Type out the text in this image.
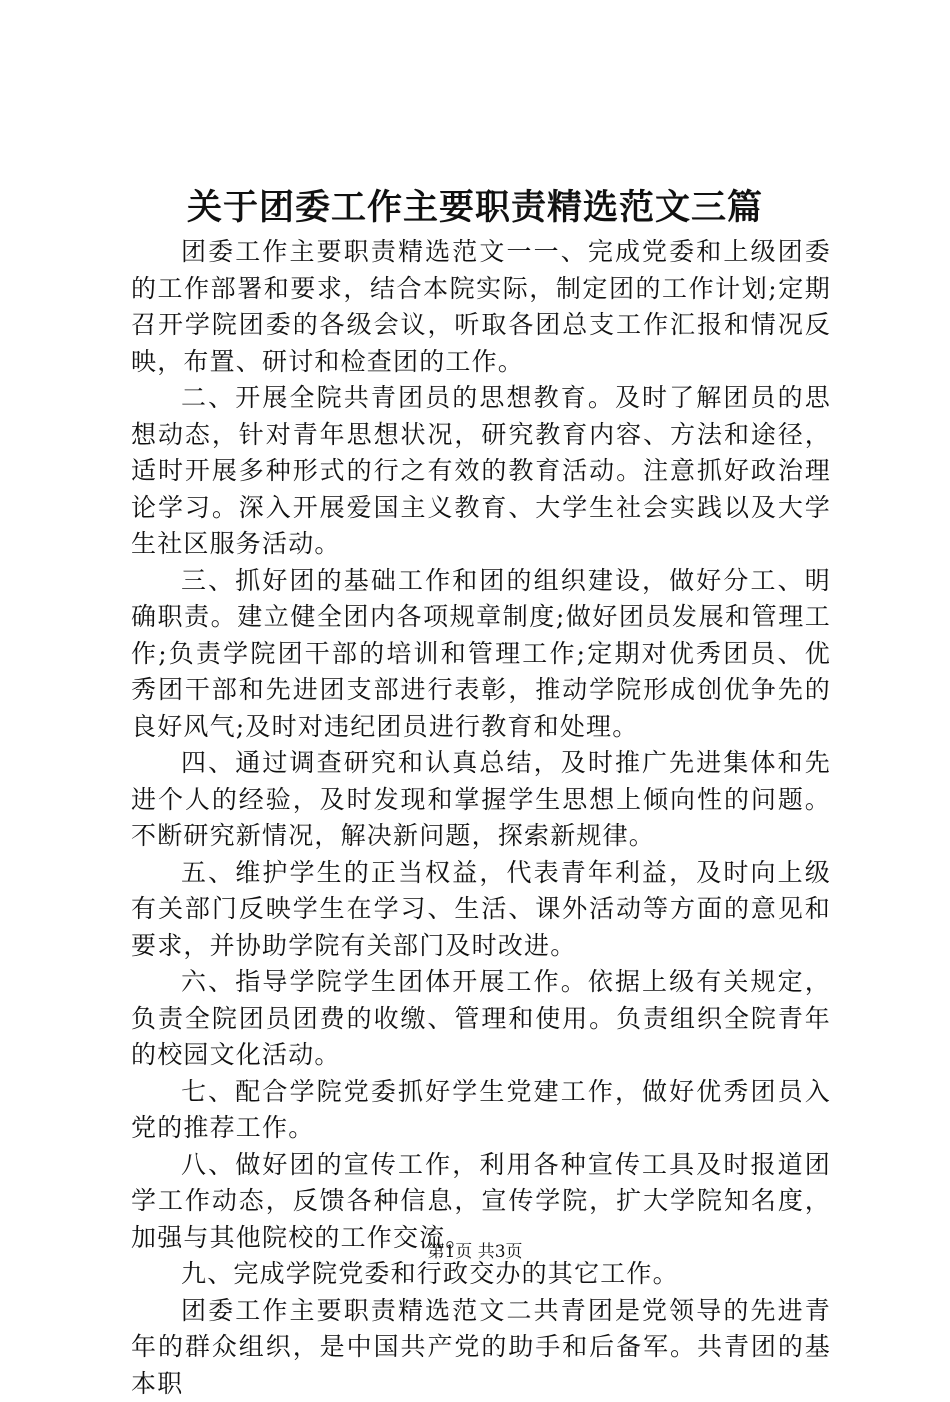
关于团委工作主要职责精选范文三篇

团委工作主要职责精选范文一一、完成党委和上级团委的工作部署和要求，结合本院实际，制定团的工作计划;定期召开学院团委的各级会议，听取各团总支工作汇报和情况反映，布置、研讨和检查团的工作。

二、开展全院共青团员的思想教育。及时了解团员的思想动态，针对青年思想状况，研究教育内容、方法和途径，适时开展多种形式的行之有效的教育活动。注意抓好政治理论学习。深入开展爱国主义教育、大学生社会实践以及大学生社区服务活动。

三、抓好团的基础工作和团的组织建设，做好分工、明确职责。建立健全团内各项规章制度;做好团员发展和管理工作;负责学院团干部的培训和管理工作;定期对优秀团员、优秀团干部和先进团支部进行表彰，推动学院形成创优争先的良好风气;及时对违纪团员进行教育和处理。

四、通过调查研究和认真总结，及时推广先进集体和先进个人的经验，及时发现和掌握学生思想上倾向性的问题。不断研究新情况，解决新问题，探索新规律。

五、维护学生的正当权益，代表青年利益，及时向上级有关部门反映学生在学习、生活、课外活动等方面的意见和要求，并协助学院有关部门及时改进。

六、指导学院学生团体开展工作。依据上级有关规定，负责全院团员团费的收缴、管理和使用。负责组织全院青年的校园文化活动。

七、配合学院党委抓好学生党建工作，做好优秀团员入党的推荐工作。

八、做好团的宣传工作，利用各种宣传工具及时报道团学工作动态，反馈各种信息，宣传学院，扩大学院知名度，加强与其他院校的工作交流。

九、完成学院党委和行政交办的其它工作。

团委工作主要职责精选范文二共青团是党领导的先进青年的群众组织，是中国共产党的助手和后备军。共青团的基本职

第1页 共3页
